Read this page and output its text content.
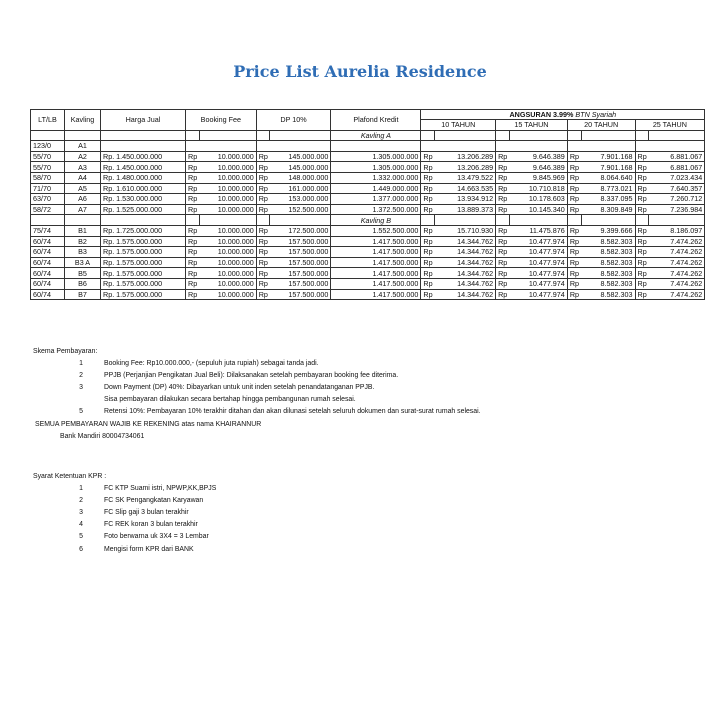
Price List Aurelia Residence
LT/LB	Kavling	Harga Jual	Booking Fee		DP 10%		Plafond Kredit	ANGSURAN 3.99% BTN Syariah							
								10 TAHUN		15 TAHUN		20 TAHUN		25 TAHUN	
							Kavling A								
123/0	A1														
55/70	A2	Rp. 1.450.000.000	Rp	10.000.000	Rp	145.000.000	1.305.000.000	Rp	13.206.289	Rp	9.646.389	Rp	7.901.168	Rp	6.881.067
55/70	A3	Rp. 1.450.000.000	Rp	10.000.000	Rp	145.000.000	1.305.000.000	Rp	13.206.289	Rp	9.646.389	Rp	7.901.168	Rp	6.881.067
58/70	A4	Rp. 1.480.000.000	Rp	10.000.000	Rp	148.000.000	1.332.000.000	Rp	13.479.522	Rp	9.845.969	Rp	8.064.640	Rp	7.023.434
71/70	A5	Rp. 1.610.000.000	Rp	10.000.000	Rp	161.000.000	1.449.000.000	Rp	14.663.535	Rp	10.710.818	Rp	8.773.021	Rp	7.640.357
63/70	A6	Rp. 1.530.000.000	Rp	10.000.000	Rp	153.000.000	1.377.000.000	Rp	13.934.912	Rp	10.178.603	Rp	8.337.095	Rp	7.260.712
58/72	A7	Rp. 1.525.000.000	Rp	10.000.000	Rp	152.500.000	1.372.500.000	Rp	13.889.373	Rp	10.145.340	Rp	8.309.849	Rp	7.236.984
							Kavling B								
75/74	B1	Rp. 1.725.000.000	Rp	10.000.000	Rp	172.500.000	1.552.500.000	Rp	15.710.930	Rp	11.475.876	Rp	9.399.666	Rp	8.186.097
60/74	B2	Rp. 1.575.000.000	Rp	10.000.000	Rp	157.500.000	1.417.500.000	Rp	14.344.762	Rp	10.477.974	Rp	8.582.303	Rp	7.474.262
60/74	B3	Rp. 1.575.000.000	Rp	10.000.000	Rp	157.500.000	1.417.500.000	Rp	14.344.762	Rp	10.477.974	Rp	8.582.303	Rp	7.474.262
60/74	B3 A	Rp. 1.575.000.000	Rp	10.000.000	Rp	157.500.000	1.417.500.000	Rp	14.344.762	Rp	10.477.974	Rp	8.582.303	Rp	7.474.262
60/74	B5	Rp. 1.575.000.000	Rp	10.000.000	Rp	157.500.000	1.417.500.000	Rp	14.344.762	Rp	10.477.974	Rp	8.582.303	Rp	7.474.262
60/74	B6	Rp. 1.575.000.000	Rp	10.000.000	Rp	157.500.000	1.417.500.000	Rp	14.344.762	Rp	10.477.974	Rp	8.582.303	Rp	7.474.262
60/74	B7	Rp. 1.575.000.000	Rp	10.000.000	Rp	157.500.000	1.417.500.000	Rp	14.344.762	Rp	10.477.974	Rp	8.582.303	Rp	7.474.262
Skema Pembayaran:
1	Booking Fee: Rp10.000.000,- (sepuluh juta rupiah) sebagai tanda jadi.
2	PPJB (Perjanjian Pengikatan Jual Beli): Dilaksanakan setelah pembayaran booking fee diterima.
3	Down Payment (DP) 40%: Dibayarkan untuk unit inden setelah penandatanganan PPJB.
Sisa pembayaran dilakukan secara bertahap hingga pembangunan rumah selesai.
5	Retensi 10%: Pembayaran 10% terakhir ditahan dan akan dilunasi setelah seluruh dokumen dan surat-surat rumah selesai.
SEMUA PEMBAYARAN WAJIB KE REKENING atas nama KHAIRANNUR
Bank Mandiri 80004734061
Syarat Ketentuan KPR :
1	FC KTP Suami istri, NPWP,KK,BPJS
2	FC SK Pengangkatan Karyawan
3	FC Slip gaji 3 bulan terakhir
4	FC REK koran 3 bulan terakhir
5	Foto berwarna uk 3X4 = 3 Lembar
6	Mengisi form KPR dari BANK
